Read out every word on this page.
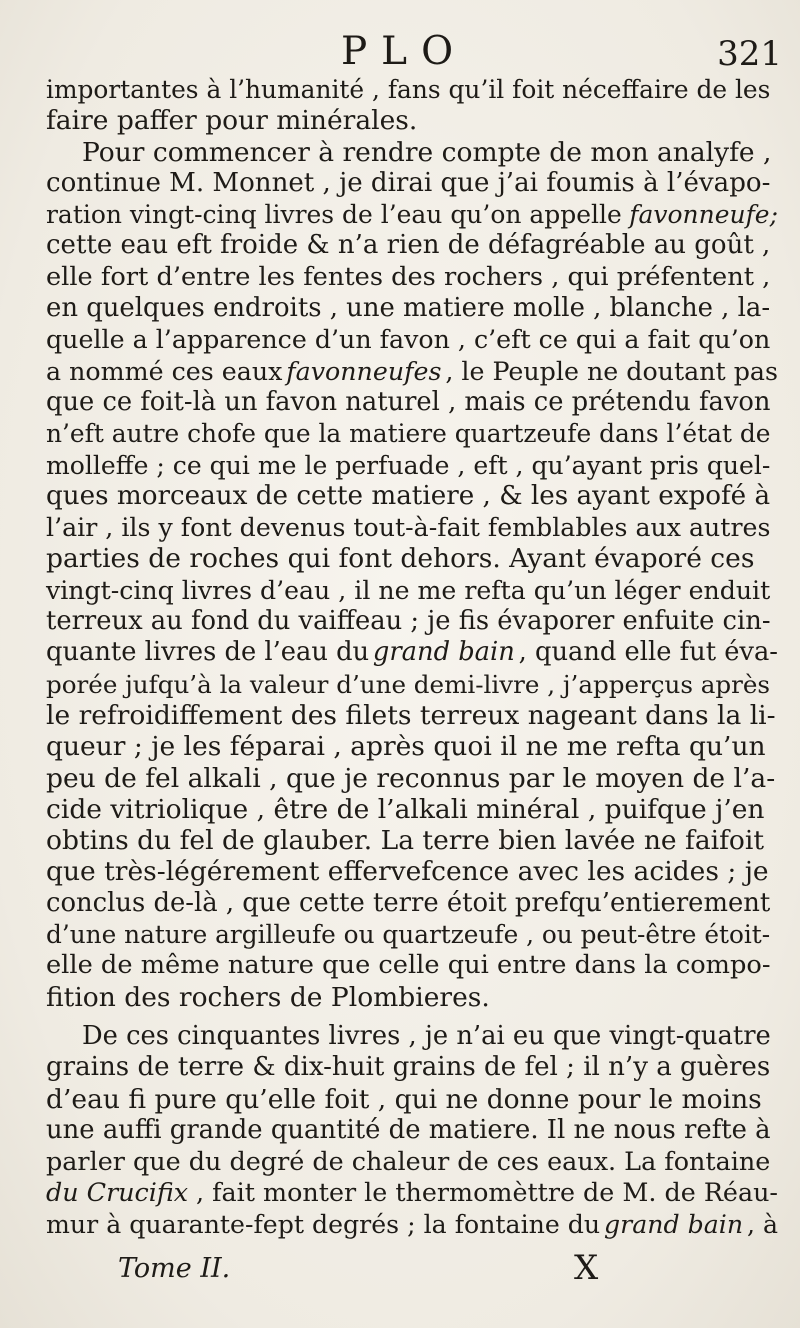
PLO	321
importantes à l’humanité , fans qu’il foit néceffaire de les
faire paffer pour minérales.
Pour commencer à rendre compte de mon analyfe ,
continue M. Monnet , je dirai que j’ai foumis à l’évapo-
ration vingt-cinq livres de l’eau qu’on appelle favonneufe;
cette eau eft froide & n’a rien de défagréable au goût ,
elle fort d’entre les fentes des rochers , qui préfentent ,
en quelques endroits , une matiere molle , blanche , la-
quelle a l’apparence d’un favon , c’eft ce qui a fait qu’on
a nommé ces eaux favonneufes , le Peuple ne doutant pas
que ce foit-là un favon naturel , mais ce prétendu favon
n’eft autre chofe que la matiere quartzeufe dans l’état de
molleffe ; ce qui me le perfuade , eft , qu’ayant pris quel-
ques morceaux de cette matiere , & les ayant expofé à
l’air , ils y font devenus tout-à-fait femblables aux autres
parties de roches qui font dehors. Ayant évaporé ces
vingt-cinq livres d’eau , il ne me refta qu’un léger enduit
terreux au fond du vaiffeau ; je fis évaporer enfuite cin-
quante livres de l’eau du grand bain , quand elle fut éva-
porée jufqu’à la valeur d’une demi-livre , j’apperçus après
le refroidiffement des filets terreux nageant dans la li-
queur ; je les féparai , après quoi il ne me refta qu’un
peu de fel alkali , que je reconnus par le moyen de l’a-
cide vitriolique , être de l’alkali minéral , puifque j’en
obtins du fel de glauber. La terre bien lavée ne faifoit
que très-légérement effervefcence avec les acides ; je
conclus de-là , que cette terre étoit prefqu’entierement
d’une nature argilleufe ou quartzeufe , ou peut-être étoit-
elle de même nature que celle qui entre dans la compo-
fition des rochers de Plombieres.
De ces cinquantes livres , je n’ai eu que vingt-quatre
grains de terre & dix-huit grains de fel ; il n’y a guères
d’eau fi pure qu’elle foit , qui ne donne pour le moins
une auffi grande quantité de matiere. Il ne nous refte à
parler que du degré de chaleur de ces eaux. La fontaine
du Crucifix , fait monter le thermomèttre de M. de Réau-
mur à quarante-fept degrés ; la fontaine du grand bain , à
Tome II.	X
